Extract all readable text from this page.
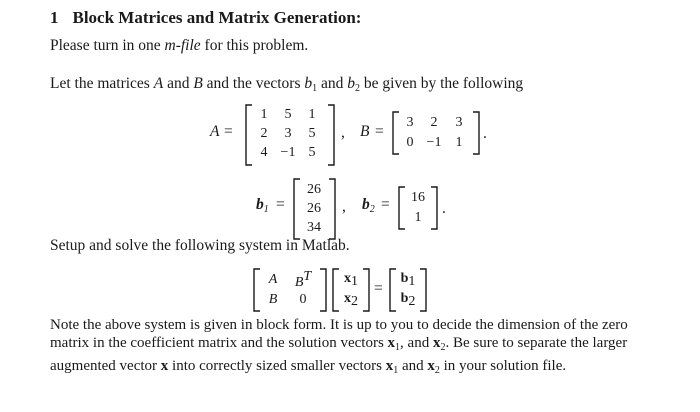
1 Block Matrices and Matrix Generation:
Please turn in one m-file for this problem.
Let the matrices A and B and the vectors $b_1$ and $b_2$ be given by the following
A =
1 5 1
2 3 5
4 −1 5
, B =
3 2 3
0 −1 1
.
$b_1$ =
26
26
34
, $b_2 = 16$
1
.
Setup and solve the following system in Matlab.
A BT
B 0
x1
x2
=
b1
b2
Note the above system is given in block form. It is up to you to decide the dimension of the zero matrix in the coefficient matrix and the solution vectors $x_1$, and $x_2$. Be sure to separate the larger augmented vector x into correctly sized smaller vectors $x_1$ and $x_2$ in your solution file.
